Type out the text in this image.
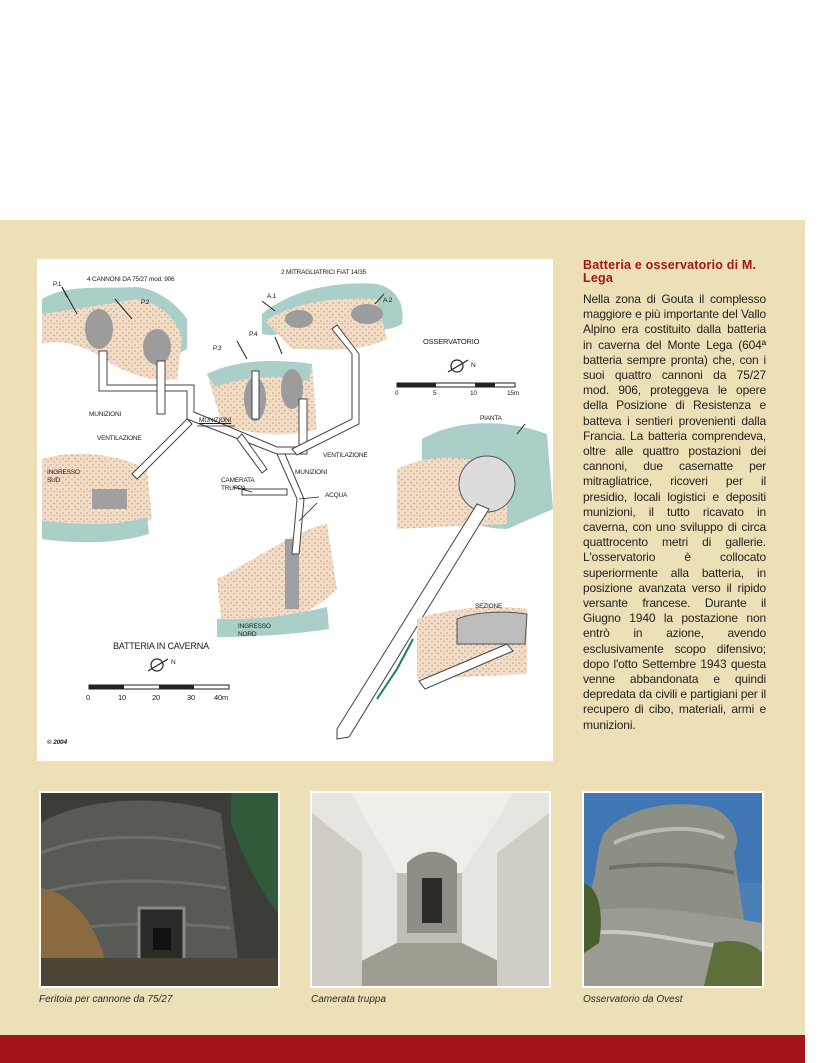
4 CANNONI DA 75/27 mod. 906
2 MITRAGLIATRICI FIAT 14/35
P.1
P.2
P.3
P.4
A.1
A.2
MUNIZIONI
MUNIZIONI
VENTILAZIONE
VENTILAZIONE
MUNIZIONI
INGRESSO SUD	CAMERATA TRUPPA
ACQUA
INGRESSO NORD
OSSERVATORIO
PIANTA
SEZIONE
BATTERIA IN CAVERNA
N
N
0	5	10	15m
0	10	20	30	40m
© 2004
Batteria e osservatorio di M. Lega

Nella zona di Gouta il complesso maggiore e più importante del Vallo Alpino era costituito dalla batteria in caverna del Monte Lega (604ª batteria sempre pronta) che, con i suoi quattro cannoni da 75/27 mod. 906, proteggeva le opere della Posizione di Resistenza e batteva i sentieri provenienti dalla Francia. La batteria comprendeva, oltre alle quattro postazioni dei cannoni, due casematte per mitragliatrice, ricoveri per il presidio, locali logistici e depositi munizioni, il tutto ricavato in caverna, con uno sviluppo di circa quattrocento metri di gallerie. L'osservatorio è collocato superiormente alla batteria, in posizione avanzata verso il ripido versante francese. Durante il Giugno 1940 la postazione non entrò in azione, avendo esclusivamente scopo difensivo; dopo l'otto Settembre 1943 questa venne abbandonata e quindi depredata da civili e partigiani per il recupero di cibo, materiali, armi e munizioni.

Feritoia per cannone da 75/27	Camerata truppa	Osservatorio da Ovest
